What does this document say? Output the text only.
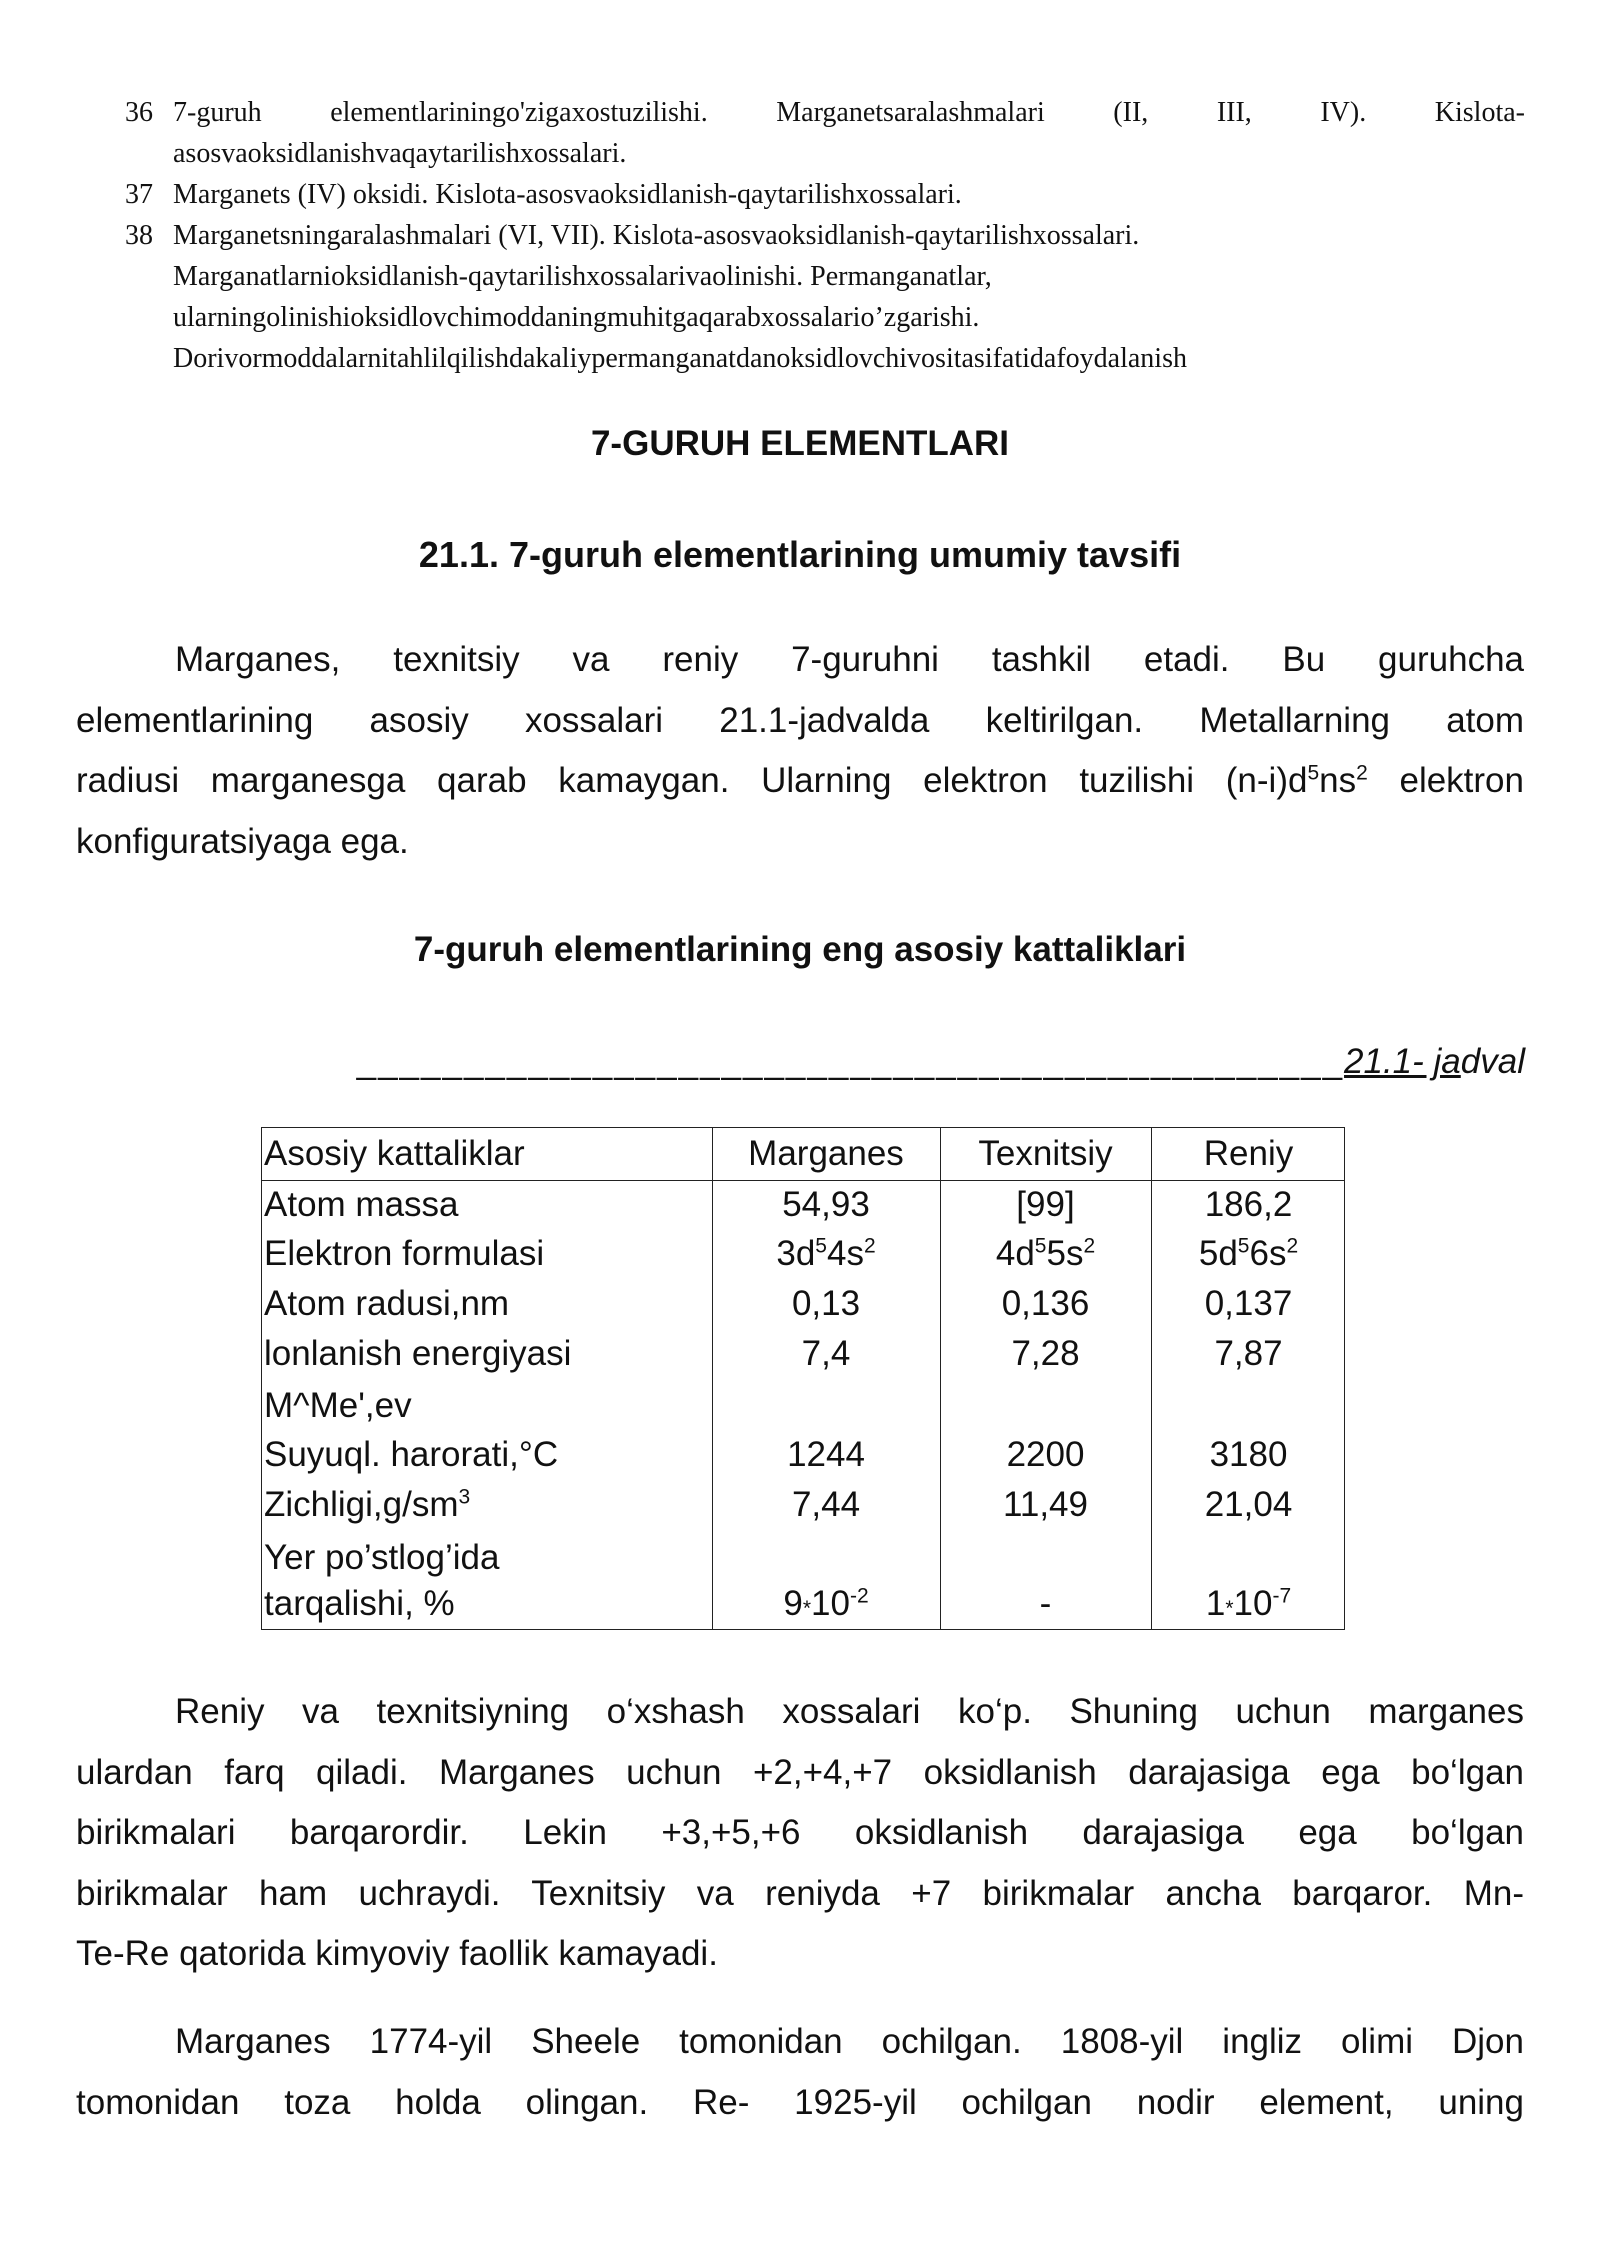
36 7-guruh elementlariningo'zigaxostuzilishi. Marganetsaralashmalari (II, III, IV). Kislota-
asosvaoksidlanishvaqaytarilishxossalari.
37 Marganets (IV) oksidi. Kislota-asosvaoksidlanish-qaytarilishxossalari.
38 Marganetsningaralashmalari (VI, VII). Kislota-asosvaoksidlanish-qaytarilishxossalari.
Marganatlarnioksidlanish-qaytarilishxossalarivaolinishi. Permanganatlar,
ularningolinishioksidlovchimoddaningmuhitgaqarabxossalario’zgarishi.
Dorivormoddalarnitahlilqilishdakaliypermanganatdanoksidlovchivositasifatidafoydalanish
7-GURUH ELEMENTLARI
21.1. 7-guruh elementlarining umumiy tavsifi
Marganes, texnitsiy va reniy 7-guruhni tashkil etadi. Bu guruhcha
elementlarining asosiy xossalari 21.1-jadvalda keltirilgan. Metallarning atom
radiusi marganesga qarab kamaygan. Ularning elektron tuzilishi $(n-i)d^5ns^2$ elektron
konfiguratsiyaga ega.
7-guruh elementlarining eng asosiy kattaliklari
______________________________________________21.1- jadval
Asosiy kattaliklar	Marganes	Texnitsiy	Reniy
Atom massa	54,93	[99]	186,2
Elektron formulasi	$3d^54s^2$	$4d^55s^2$	$5d^56s^2$
Atom radusi,nm	0,13	0,136	0,137
lonlanish energiyasi	7,4	7,28	7,87
M^Me',ev
Suyuql. harorati,°C	1244	2200	3180
$Zichligi,g/sm^3$	7,44	11,49	21,04
Yer po’stlog’ida
tarqalishi, %	$9*10^{-2}$	-	$1*10^{-7}$
Reniy va texnitsiyning o‘xshash xossalari ko‘p. Shuning uchun marganes
ulardan farq qiladi. Marganes uchun +2,+4,+7 oksidlanish darajasiga ega bo‘lgan
birikmalari barqarordir. Lekin +3,+5,+6 oksidlanish darajasiga ega bo‘lgan
birikmalar ham uchraydi. Texnitsiy va reniyda +7 birikmalar ancha barqaror. Mn-
Te-Re qatorida kimyoviy faollik kamayadi.
Marganes 1774-yil Sheele tomonidan ochilgan. 1808-yil ingliz olimi Djon
tomonidan toza holda olingan. Re- 1925-yil ochilgan nodir element, uning
